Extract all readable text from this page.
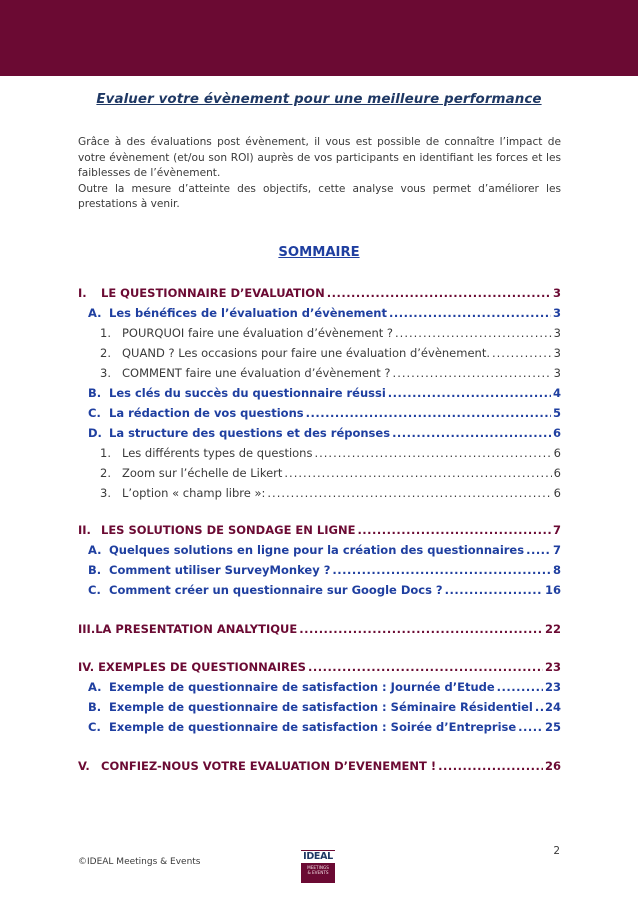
Evaluer votre évènement pour une meilleure performance

Grâce à des évaluations post évènement, il vous est possible de connaître l’impact de votre évènement (et/ou son ROI) auprès de vos participants en identifiant les forces et les faiblesses de l’évènement.

Outre la mesure d’atteinte des objectifs, cette analyse vous permet d’améliorer les prestations à venir.

SOMMAIRE
I.	LE QUESTIONNAIRE D’EVALUATION .....	3
A. Les bénéfices de l’évaluation d’évènement .....	3
1. POURQUOI faire une évaluation d’évènement ? .....	3
2. QUAND ? Les occasions pour faire une évaluation d’évènement. .....	3
3. COMMENT faire une évaluation d’évènement ? .....	3
B. Les clés du succès du questionnaire réussi .....	4
C. La rédaction de vos questions .....	5
D. La structure des questions et des réponses .....	6
1. Les différents types de questions .....	6
2. Zoom sur l’échelle de Likert .....	6
3. L’option « champ libre »: .....	6
II. LES SOLUTIONS DE SONDAGE EN LIGNE .....	7
A. Quelques solutions en ligne pour la création des questionnaires .....	7
B. Comment utiliser SurveyMonkey ? .....	8
C. Comment créer un questionnaire sur Google Docs ? .....	16
III.LA PRESENTATION ANALYTIQUE .....	22
IV. EXEMPLES DE QUESTIONNAIRES .....	23
A. Exemple de questionnaire de satisfaction : Journée d’Etude .....	23
B. Exemple de questionnaire de satisfaction : Séminaire Résidentiel ..... 24
C. Exemple de questionnaire de satisfaction : Soirée d’Entreprise .....	25
V. CONFIEZ-NOUS VOTRE EVALUATION D’EVENEMENT ! .....	26
2
©IDEAL Meetings & Events	IDEAL
MEETINGS
& EVENTS
